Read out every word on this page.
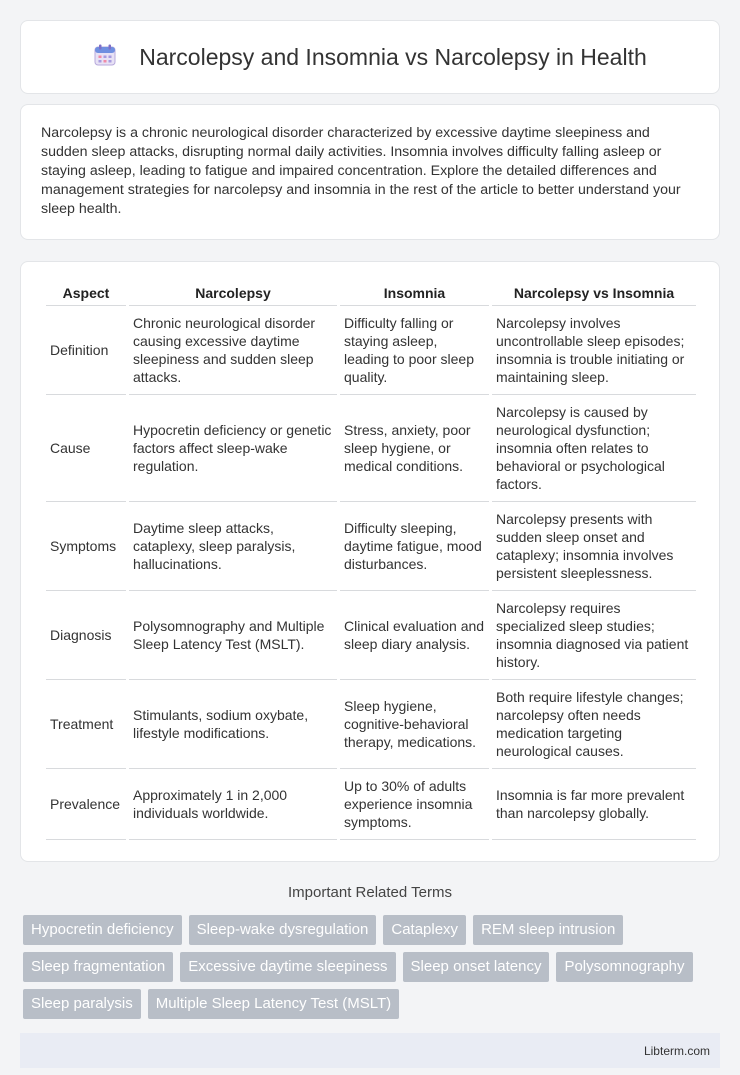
Narcolepsy and Insomnia vs Narcolepsy in Health

Narcolepsy is a chronic neurological disorder characterized by excessive daytime sleepiness and sudden sleep attacks, disrupting normal daily activities. Insomnia involves difficulty falling asleep or staying asleep, leading to fatigue and impaired concentration. Explore the detailed differences and management strategies for narcolepsy and insomnia in the rest of the article to better understand your sleep health.

Aspect	Narcolepsy	Insomnia	Narcolepsy vs Insomnia
Definition	Chronic neurological disorder causing excessive daytime sleepiness and sudden sleep attacks.	Difficulty falling or staying asleep, leading to poor sleep quality.	Narcolepsy involves uncontrollable sleep episodes; insomnia is trouble initiating or maintaining sleep.
Cause	Hypocretin deficiency or genetic factors affect sleep-wake regulation.	Stress, anxiety, poor sleep hygiene, or medical conditions.	Narcolepsy is caused by neurological dysfunction; insomnia often relates to behavioral or psychological factors.
Symptoms	Daytime sleep attacks, cataplexy, sleep paralysis, hallucinations.	Difficulty sleeping, daytime fatigue, mood disturbances.	Narcolepsy presents with sudden sleep onset and cataplexy; insomnia involves persistent sleeplessness.
Diagnosis	Polysomnography and Multiple Sleep Latency Test (MSLT).	Clinical evaluation and sleep diary analysis.	Narcolepsy requires specialized sleep studies; insomnia diagnosed via patient history.
Treatment	Stimulants, sodium oxybate, lifestyle modifications.	Sleep hygiene, cognitive-behavioral therapy, medications.	Both require lifestyle changes; narcolepsy often needs medication targeting neurological causes.
Prevalence	Approximately 1 in 2,000 individuals worldwide.	Up to 30% of adults experience insomnia symptoms.	Insomnia is far more prevalent than narcolepsy globally.
Important Related Terms
Hypocretin deficiency	Sleep-wake dysregulation	Cataplexy	REM sleep intrusion
Sleep fragmentation	Excessive daytime sleepiness	Sleep onset latency	Polysomnography
Sleep paralysis	Multiple Sleep Latency Test (MSLT)
Libterm.com
